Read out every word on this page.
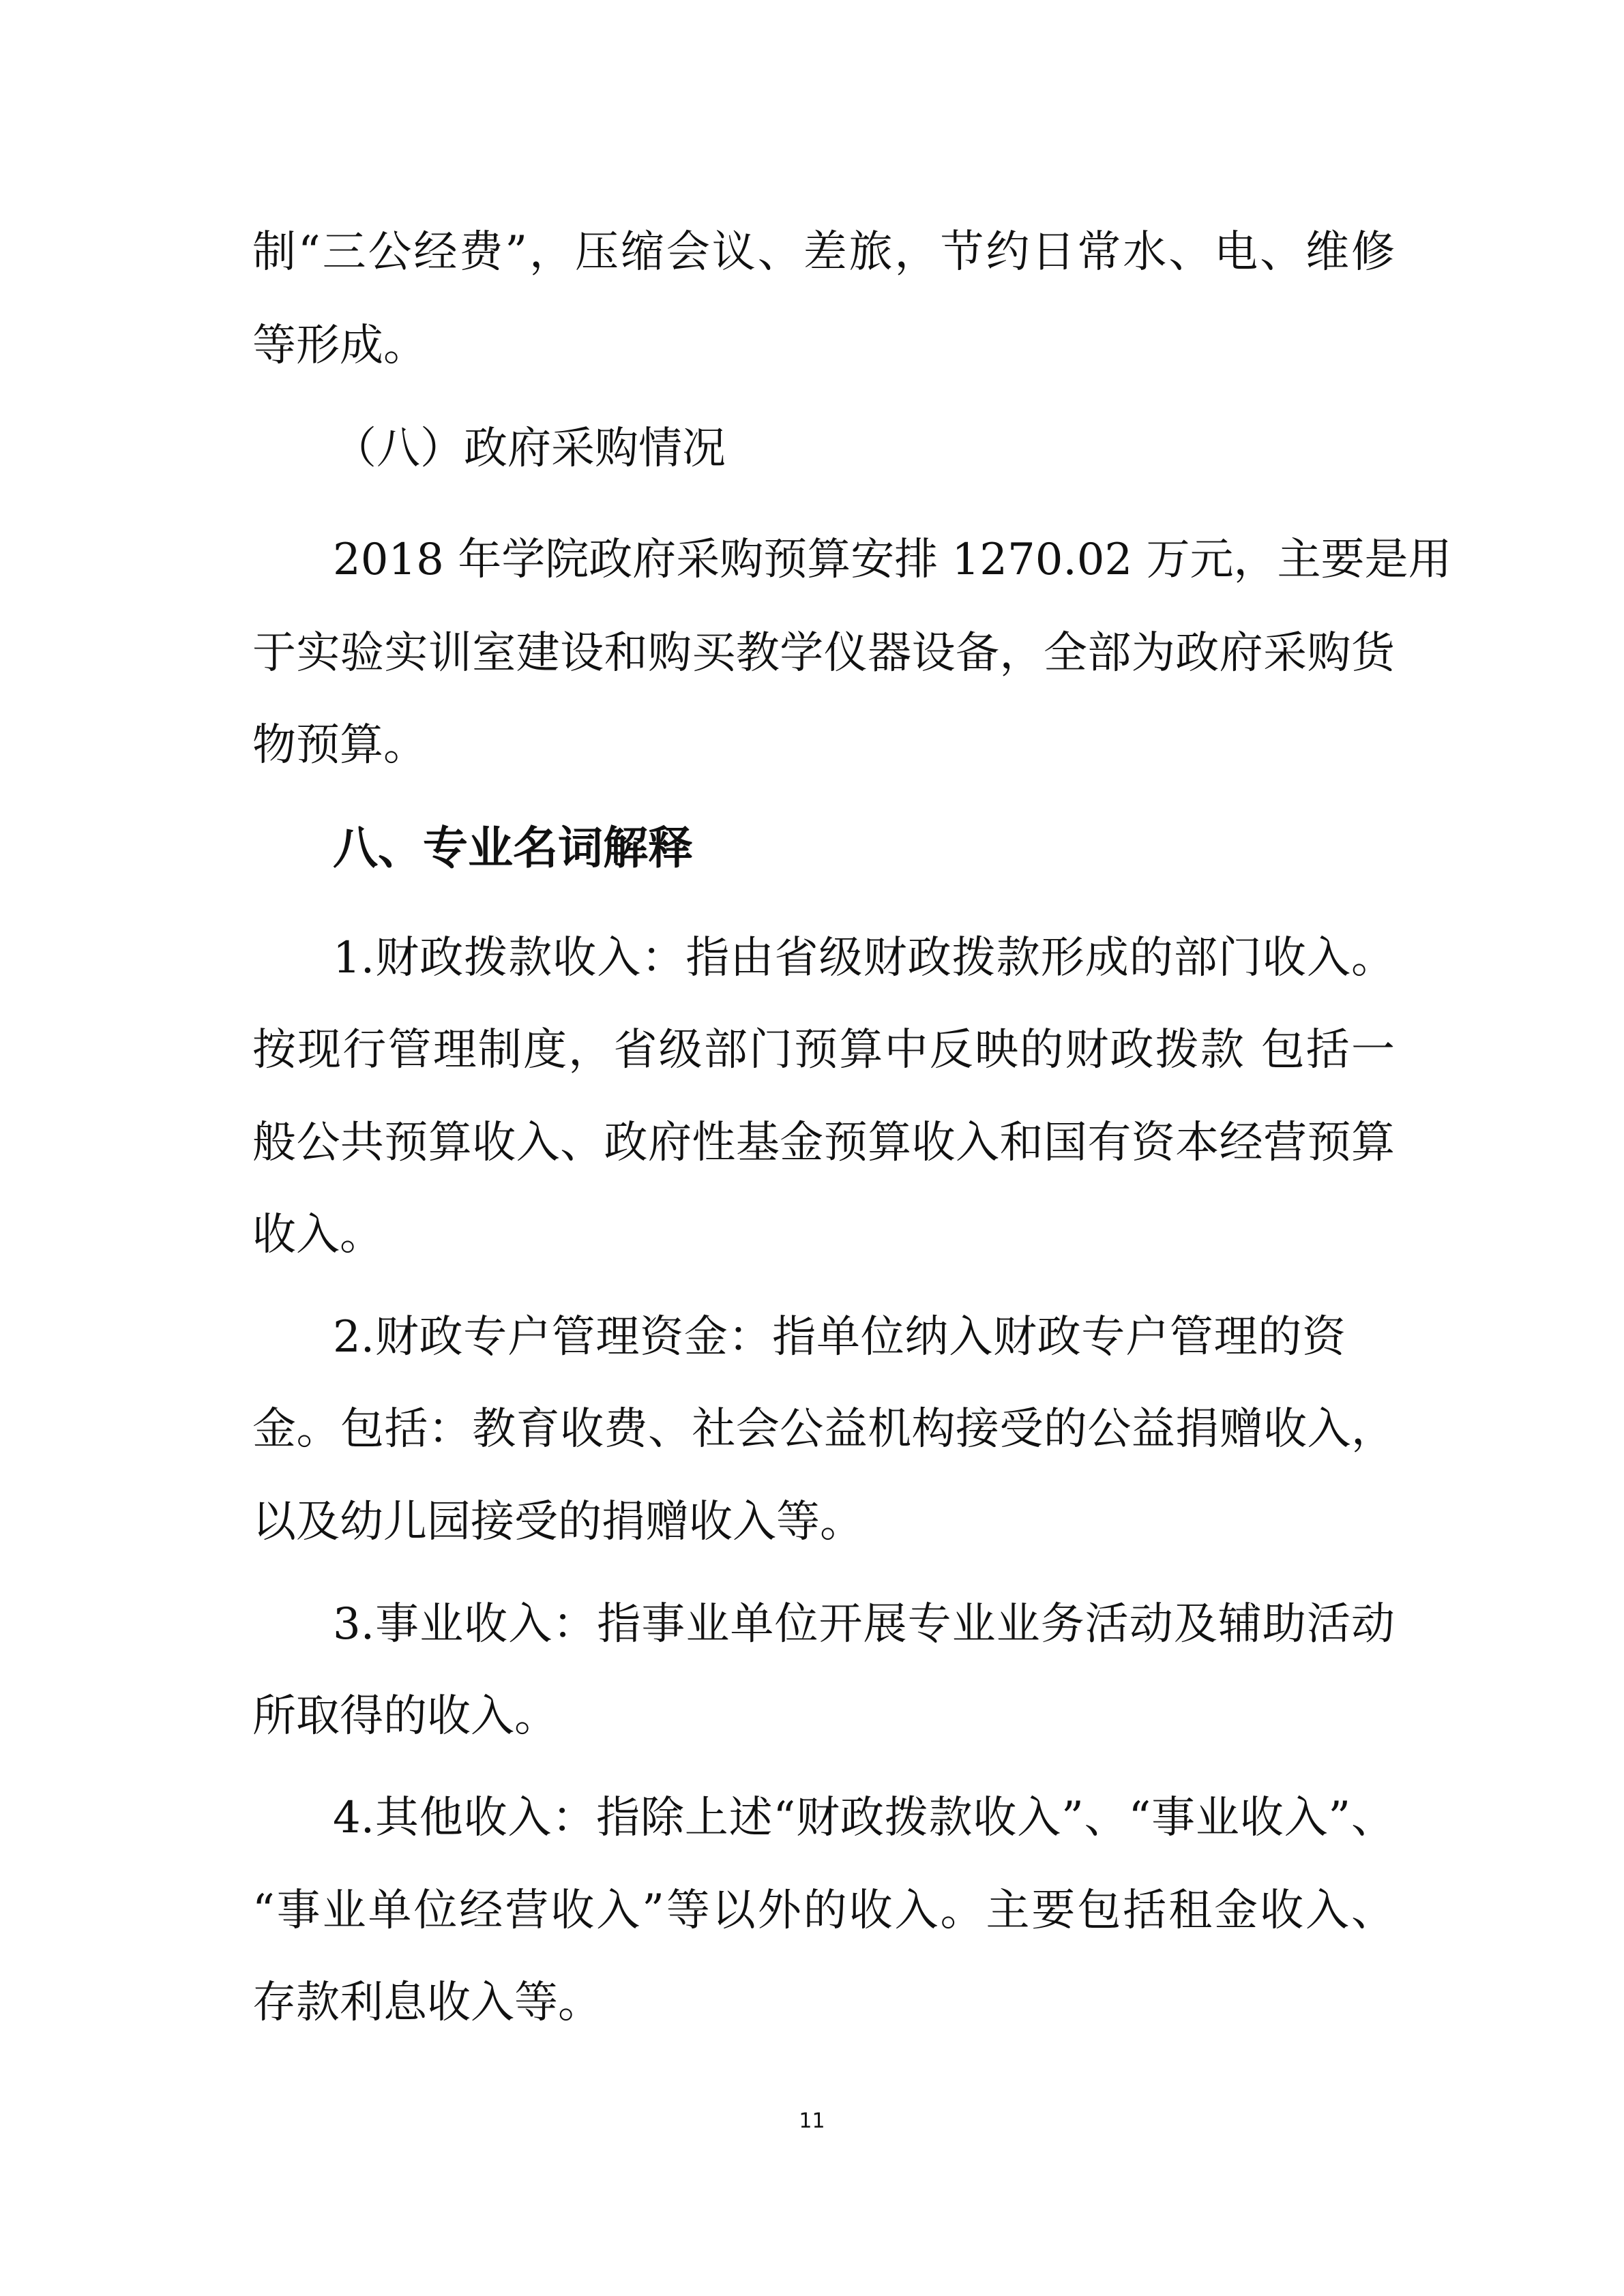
制“三公经费”，压缩会议、差旅，节约日常水、电、维修

等形成。

（八）政府采购情况

2018 年学院政府采购预算安排 1270.02 万元，主要是用

于实验实训室建设和购买教学仪器设备，全部为政府采购货

物预算。

八、专业名词解释

1.财政拨款收入：指由省级财政拨款形成的部门收入。

按现行管理制度，省级部门预算中反映的财政拨款 包括一

般公共预算收入、政府性基金预算收入和国有资本经营预算

收入。

2.财政专户管理资金：指单位纳入财政专户管理的资

金。包括：教育收费、社会公益机构接受的公益捐赠收入，

以及幼儿园接受的捐赠收入等。

3.事业收入：指事业单位开展专业业务活动及辅助活动

所取得的收入。

4.其他收入：指除上述“财政拨款收入”、“事业收入”、

“事业单位经营收入”等以外的收入。主要包括租金收入、

存款利息收入等。

11
